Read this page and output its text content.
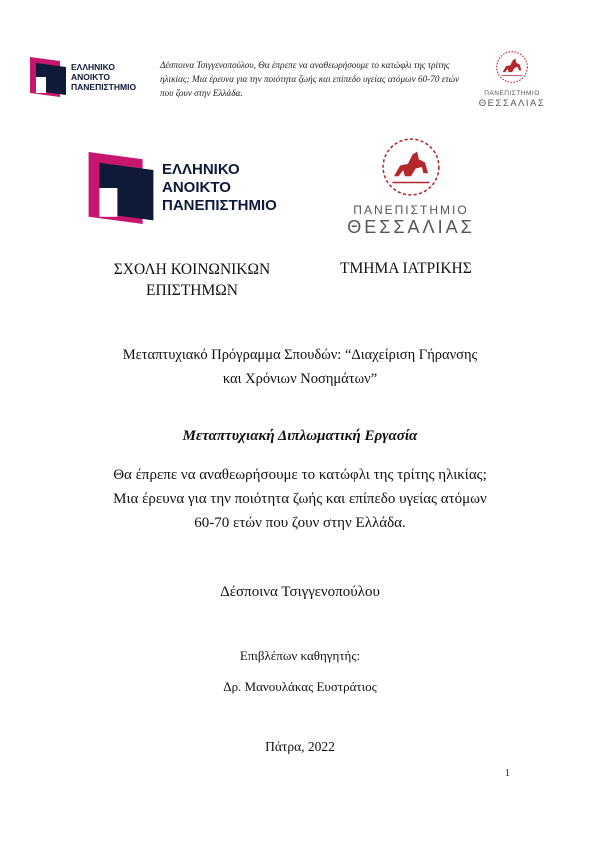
ΕΛΛΗΝΙΚΟ
ΑΝΟΙΚΤΟ
ΠΑΝΕΠΙΣΤΗΜΙΟ
Δέσποινα Τσιγγενοπούλου, Θα έπρεπε να αναθεωρήσουμε το κατώφλι της τρίτης ηλικίας; Μια έρευνα για την ποιότητα ζωής και επίπεδο υγείας ατόμων 60-70 ετών που ζουν στην Ελλάδα.	ΠΑΝΕΠΙΣΤΗΜΙΟ
ΘΕΣΣΑΛΙΑΣ
ΕΛΛΗΝΙΚΟ
ΑΝΟΙΚΤΟ
ΠΑΝΕΠΙΣΤΗΜΙΟ	ΠΑΝΕΠΙΣΤΗΜΙΟ
ΘΕΣΣΑΛΙΑΣ
ΣΧΟΛΗ ΚΟΙΝΩΝΙΚΩΝ
ΕΠΙΣΤΗΜΩΝ
ΤΜΗΜΑ ΙΑΤΡΙΚΗΣ
Μεταπτυχιακό Πρόγραμμα Σπουδών: “Διαχείριση Γήρανσης
και Χρόνιων Νοσημάτων”
Μεταπτυχιακή Διπλωματική Εργασία
Θα έπρεπε να αναθεωρήσουμε το κατώφλι της τρίτης ηλικίας;
Μια έρευνα για την ποιότητα ζωής και επίπεδο υγείας ατόμων
60-70 ετών που ζουν στην Ελλάδα.
Δέσποινα Τσιγγενοπούλου
Επιβλέπων καθηγητής:
Δρ. Μανουλάκας Ευστράτιος
Πάτρα, 2022
1
